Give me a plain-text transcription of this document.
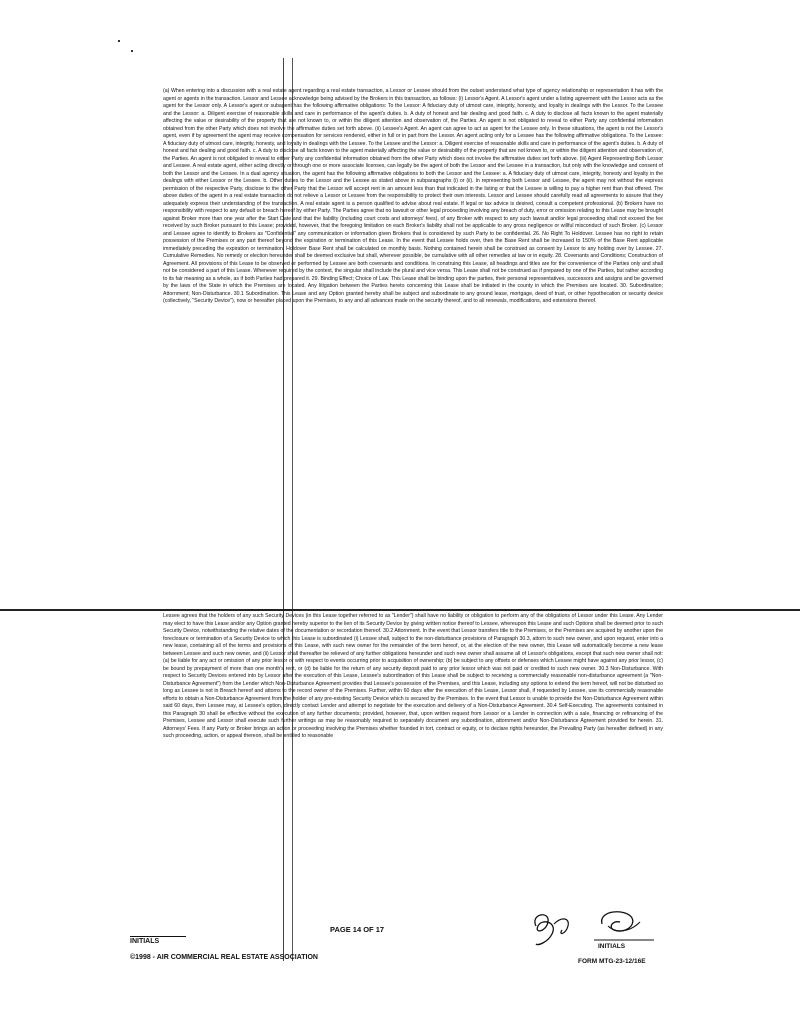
(a) When entering into a discussion with a real estate agent regarding a real estate transaction, a Lessor or Lessee should from the outset understand what type of agency relationship or representation it has with the agent or agents in the transaction. Lessor and Lessee acknowledge being advised by the Brokers in this transaction, as follows: (i) Lessor's Agent. A Lessor's agent under a listing agreement with the Lessor acts as the agent for the Lessor only. A Lessor's agent or subagent has the following affirmative obligations: To the Lessor: A fiduciary duty of utmost care, integrity, honesty, and loyalty in dealings with the Lessor. To the Lessee and the Lessor: a. Diligent exercise of reasonable skills and care in performance of the agent's duties. b. A duty of honest and fair dealing and good faith. c. A duty to disclose all facts known to the agent materially affecting the value or desirability of the property that are not known to, or within the diligent attention and observation of, the Parties. An agent is not obligated to reveal to either Party any confidential information obtained from the other Party which does not involve the affirmative duties set forth above. (ii) Lessee's Agent. An agent can agree to act as agent for the Lessee only. In these situations, the agent is not the Lessor's agent, even if by agreement the agent may receive compensation for services rendered, either in full or in part from the Lessor. An agent acting only for a Lessee has the following affirmative obligations. To the Lessee: A fiduciary duty of utmost care, integrity, honesty, and loyalty in dealings with the Lessee. To the Lessee and the Lessor: a. Diligent exercise of reasonable skills and care in performance of the agent's duties. b. A duty of honest and fair dealing and good faith. c. A duty to disclose all facts known to the agent materially affecting the value or desirability of the property that are not known to, or within the diligent attention and observation of, the Parties. An agent is not obligated to reveal to either Party any confidential information obtained from the other Party which does not involve the affirmative duties set forth above. (iii) Agent Representing Both Lessor and Lessee. A real estate agent, either acting directly or through one or more associate licenses, can legally be the agent of both the Lessor and the Lessee in a transaction, but only with the knowledge and consent of both the Lessor and the Lessee. In a dual agency situation, the agent has the following affirmative obligations to both the Lessor and the Lessee: a. A fiduciary duty of utmost care, integrity, honesty and loyalty in the dealings with either Lessor or the Lessee. b. Other duties to the Lessor and the Lessee as stated above in subparagraphs (i) or (ii). In representing both Lessor and Lessee, the agent may not without the express permission of the respective Party, disclose to the other Party that the Lessor will accept rent in an amount less than that indicated in the listing or that the Lessee is willing to pay a higher rent than that offered. The above duties of the agent in a real estate transaction do not relieve a Lessor or Lessee from the responsibility to protect their own interests. Lessor and Lessee should carefully read all agreements to assure that they adequately express their understanding of the transaction. A real estate agent is a person qualified to advise about real estate. If legal or tax advice is desired, consult a competent professional. (b) Brokers have no responsibility with respect to any default or breach hereof by either Party. The Parties agree that no lawsuit or other legal proceeding involving any breach of duty, error or omission relating to this Lease may be brought against Broker more than one year after the Start Date and that the liability (including court costs and attorneys' fees), of any Broker with respect to any such lawsuit and/or legal proceeding shall not exceed the fee received by such Broker pursuant to this Lease; provided, however, that the foregoing limitation on each Broker's liability shall not be applicable to any gross negligence or willful misconduct of such Broker. (c) Lessor and Lessee agree to identify to Brokers as "Confidential" any communication or information given Brokers that is considered by such Party to be confidential. 26. No Right To Holdover. Lessee has no right to retain possession of the Premises or any part thereof beyond the expiration or termination of this Lease. In the event that Lessee holds over, then the Base Rent shall be increased to 150% of the Base Rent applicable immediately preceding the expiration or termination. Holdover Base Rent shall be calculated on monthly basis. Nothing contained herein shall be construed as consent by Lessor to any holding over by Lessee. 27. Cumulative Remedies. No remedy or election hereunder shall be deemed exclusive but shall, wherever possible, be cumulative with all other remedies at law or in equity. 28. Covenants and Conditions; Construction of Agreement. All provisions of this Lease to be observed or performed by Lessee are both covenants and conditions. In construing this Lease, all headings and titles are for the convenience of the Parties only and shall not be considered a part of this Lease. Whenever required by the context, the singular shall include the plural and vice versa. This Lease shall not be construed as if prepared by one of the Parties, but rather according to its fair meaning as a whole, as if both Parties had prepared it. 29. Binding Effect; Choice of Law. This Lease shall be binding upon the parties, their personal representatives, successors and assigns and be governed by the laws of the State in which the Premises are located. Any litigation between the Parties hereto concerning this Lease shall be initiated in the county in which the Premises are located. 30. Subordination; Attornment; Non-Disturbance. 30.1 Subordination. This Lease and any Option granted hereby shall be subject and subordinate to any ground lease, mortgage, deed of trust, or other hypothecation or security device (collectively, "Security Device"), now or hereafter placed upon the Premises, to any and all advances made on the security thereof, and to all renewals, modifications, and extensions thereof.

Lessee agrees that the holders of any such Security Devices (in this Lease together referred to as "Lender") shall have no liability or obligation to perform any of the obligations of Lessor under this Lease. Any Lender may elect to have this Lease and/or any Option granted hereby superior to the lien of its Security Device by giving written notice thereof to Lessee, whereupon this Lease and such Options shall be deemed prior to such Security Device, notwithstanding the relative dates of the documentation or recordation thereof. 30.2 Attornment. In the event that Lessor transfers title to the Premises, or the Premises are acquired by another upon the foreclosure or termination of a Security Device to which this Lease is subordinated (i) Lessee shall, subject to the non-disturbance provisions of Paragraph 30.3, attorn to such new owner, and upon request, enter into a new lease, containing all of the terms and provisions of this Lease, with such new owner for the remainder of the term hereof, or, at the election of the new owner, this Lease will automatically become a new lease between Lessee and such new owner, and (ii) Lessor shall thereafter be relieved of any further obligations hereunder and such new owner shall assume all of Lessor's obligations, except that such new owner shall not: (a) be liable for any act or omission of any prior lessor or with respect to events occurring prior to acquisition of ownership; (b) be subject to any offsets or defenses which Lessee might have against any prior lessor, (c) be bound by prepayment of more than one month's rent, or (d) be liable for the return of any security deposit paid to any prior lessor which was not paid or credited to such new owner. 30.3 Non-Disturbance. With respect to Security Devices entered into by Lessor after the execution of this Lease, Lessee's subordination of this Lease shall be subject to receiving a commercially reasonable non-disturbance agreement (a "Non-Disturbance Agreement") from the Lender which Non-Disturbance Agreement provides that Lessee's possession of the Premises, and this Lease, including any options to extend the term hereof, will not be disturbed so long as Lessee is not in Breach hereof and attorns to the record owner of the Premises. Further, within 60 days after the execution of this Lease, Lessor shall, if requested by Lessee, use its commercially reasonable efforts to obtain a Non-Disturbance Agreement from the holder of any pre-existing Security Device which is secured by the Premises. In the event that Lessor is unable to provide the Non-Disturbance Agreement within said 60 days, then Lessee may, at Lessee's option, directly contact Lender and attempt to negotiate for the execution and delivery of a Non-Disturbance Agreement. 30.4 Self-Executing. The agreements contained in this Paragraph 30 shall be effective without the execution of any further documents; provided, however, that, upon written request from Lessor or a Lender in connection with a sale, financing or refinancing of the Premises, Lessee and Lessor shall execute such further writings as may be reasonably required to separately document any subordination, attornment and/or Non-Disturbance Agreement provided for herein. 31. Attorneys' Fees. If any Party or Broker brings an action or proceeding involving the Premises whether founded in tort, contract or equity, or to declare rights hereunder, the Prevailing Party (as hereafter defined) in any such proceeding, action, or appeal thereon, shall be entitled to reasonable

PAGE 14 OF 17
INITIALS
©1998 - AIR COMMERCIAL REAL ESTATE ASSOCIATION
INITIALS
FORM MTG-23-12/16E
